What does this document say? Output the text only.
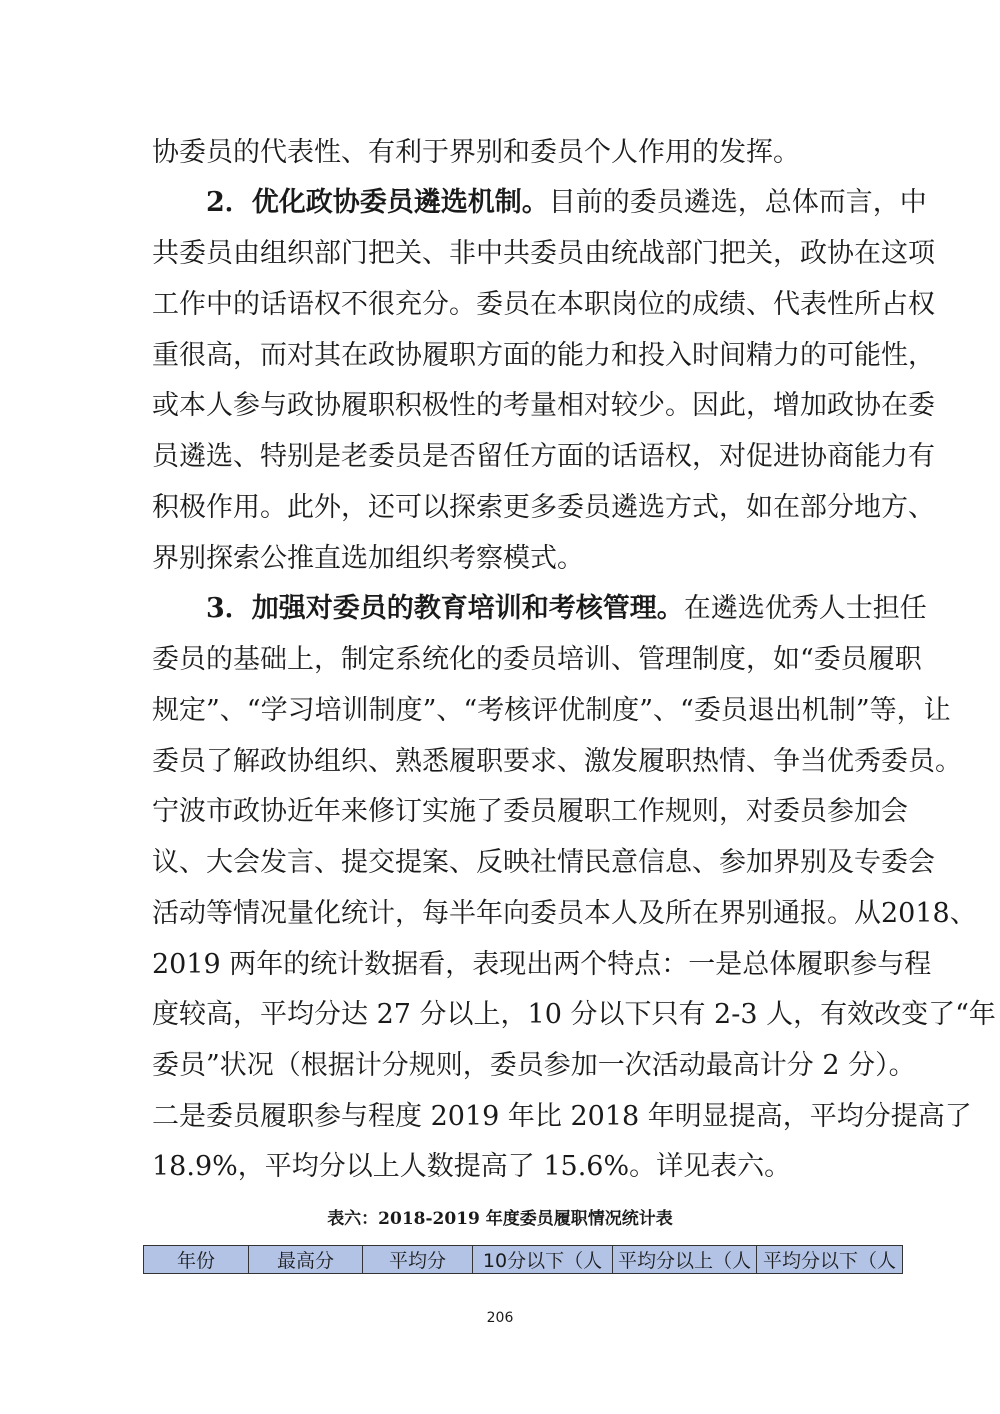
协委员的代表性、有利于界别和委员个人作用的发挥。
2．优化政协委员遴选机制。目前的委员遴选，总体而言，中
共委员由组织部门把关、非中共委员由统战部门把关，政协在这项
工作中的话语权不很充分。委员在本职岗位的成绩、代表性所占权
重很高，而对其在政协履职方面的能力和投入时间精力的可能性，
或本人参与政协履职积极性的考量相对较少。因此，增加政协在委
员遴选、特别是老委员是否留任方面的话语权，对促进协商能力有
积极作用。此外，还可以探索更多委员遴选方式，如在部分地方、
界别探索公推直选加组织考察模式。
3．加强对委员的教育培训和考核管理。在遴选优秀人士担任
委员的基础上，制定系统化的委员培训、管理制度，如“委员履职
规定”、“学习培训制度”、“考核评优制度”、“委员退出机制”等，让
委员了解政协组织、熟悉履职要求、激发履职热情、争当优秀委员。
宁波市政协近年来修订实施了委员履职工作规则，对委员参加会
议、大会发言、提交提案、反映社情民意信息、参加界别及专委会
活动等情况量化统计，每半年向委员本人及所在界别通报。从2018、
2019 两年的统计数据看，表现出两个特点：一是总体履职参与程
度较高，平均分达 27 分以上，10 分以下只有 2-3 人，有效改变了“年
委员”状况（根据计分规则，委员参加一次活动最高计分 2 分）。
二是委员履职参与程度 2019 年比 2018 年明显提高，平均分提高了
18.9%，平均分以上人数提高了 15.6%。详见表六。
表六：2018-2019 年度委员履职情况统计表
年份	最高分	平均分	10分以下（人	平均分以上（人	平均分以下（人
206
